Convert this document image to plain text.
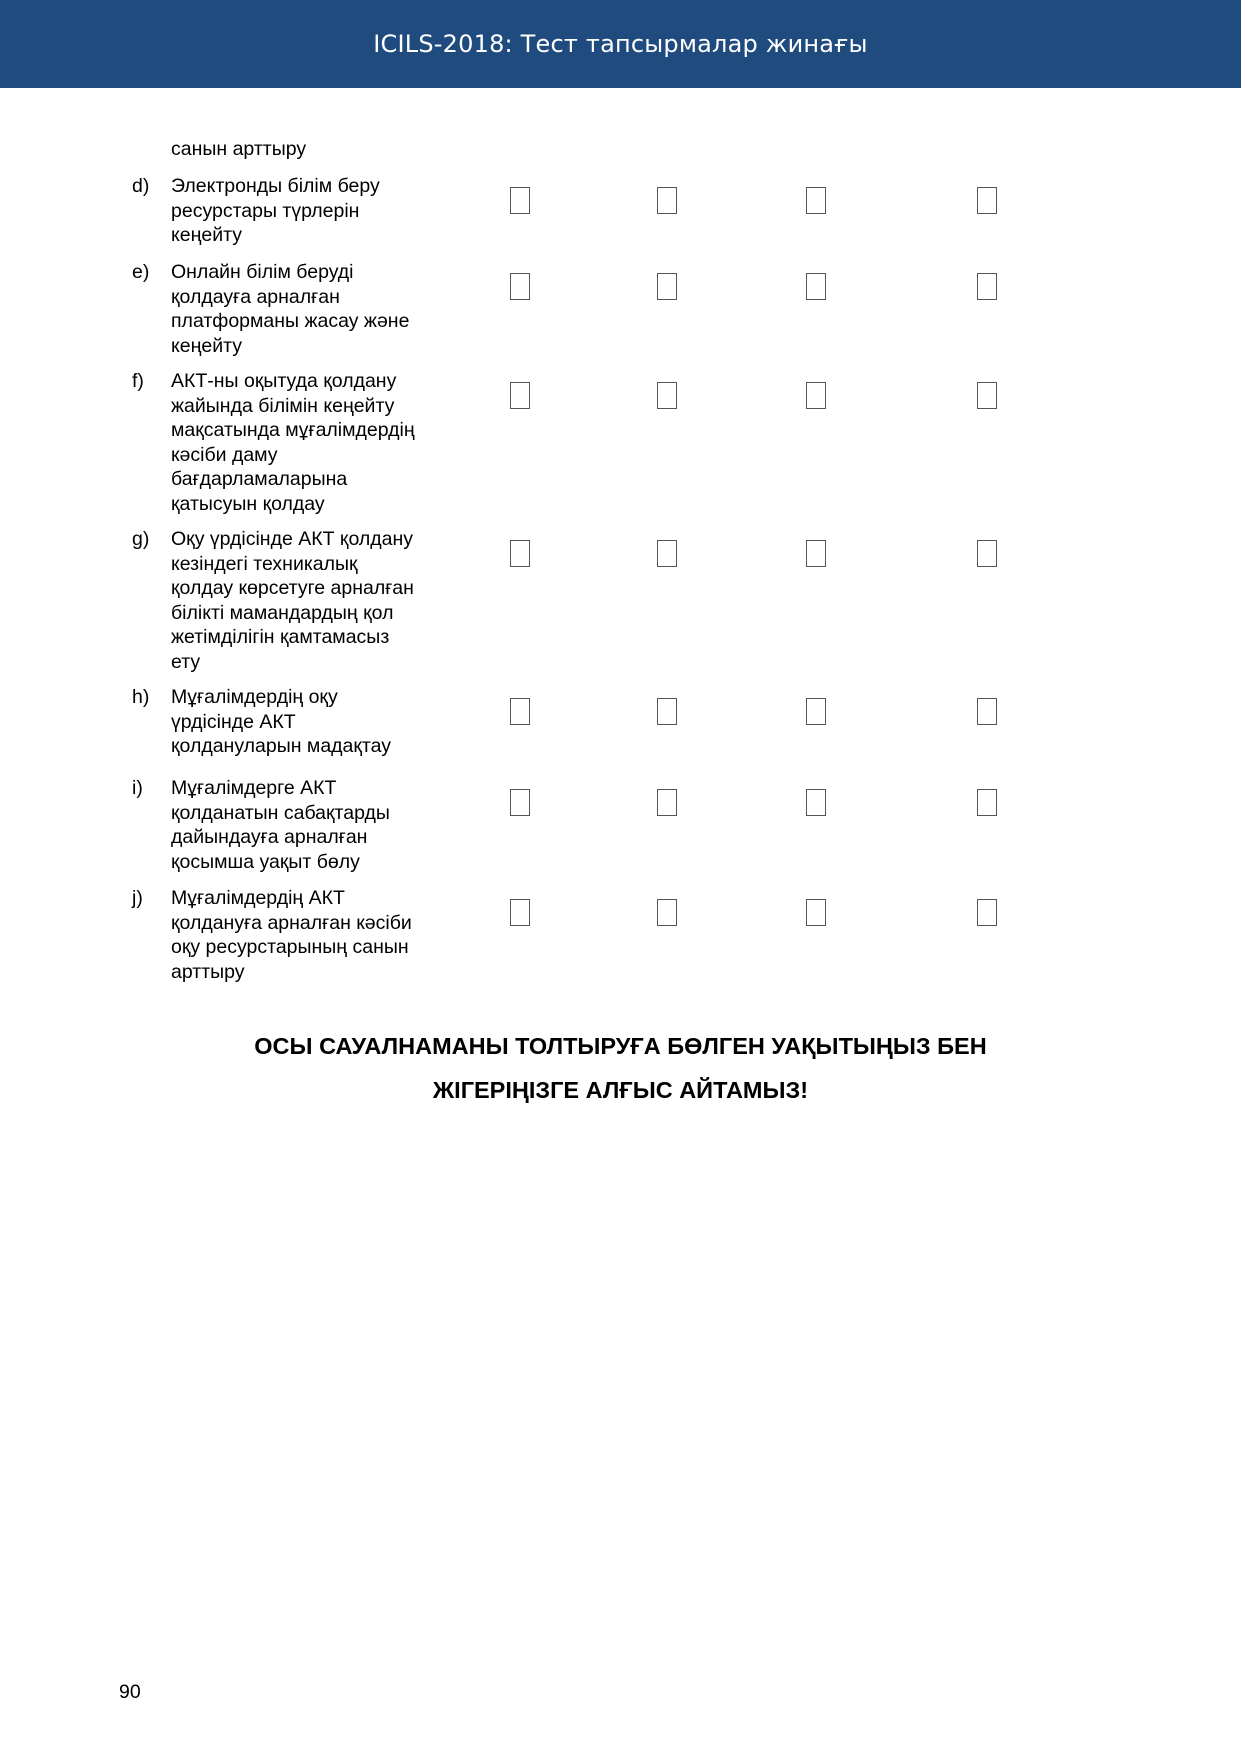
ICILS-2018: Тест тапсырмалар жинағы
санын арттыру
d) Электронды білім беру
ресурстары түрлерін
кеңейту
e) Онлайн білім беруді
қолдауға арналған
платформаны жасау және
кеңейту
f) АКТ-ны оқытуда қолдану
жайында білімін кеңейту
мақсатында мұғалімдердің
кәсіби даму
бағдарламаларына
қатысуын қолдау
g) Оқу үрдісінде АКТ қолдану
кезіндегі техникалық
қолдау көрсетуге арналған
білікті мамандардың қол
жетімділігін қамтамасыз
ету
h) Мұғалімдердің оқу
үрдісінде АКТ
қолдануларын мадақтау
i) Мұғалімдерге АКТ
қолданатын сабақтарды
дайындауға арналған
қосымша уақыт бөлу
j) Мұғалімдердің АКТ
қолдануға арналған кәсіби
оқу ресурстарының санын
арттыру
ОСЫ САУАЛНАМАНЫ ТОЛТЫРУҒА БӨЛГЕН УАҚЫТЫҢЫЗ БЕН
ЖІГЕРІҢІЗГЕ АЛҒЫС АЙТАМЫЗ!
90
